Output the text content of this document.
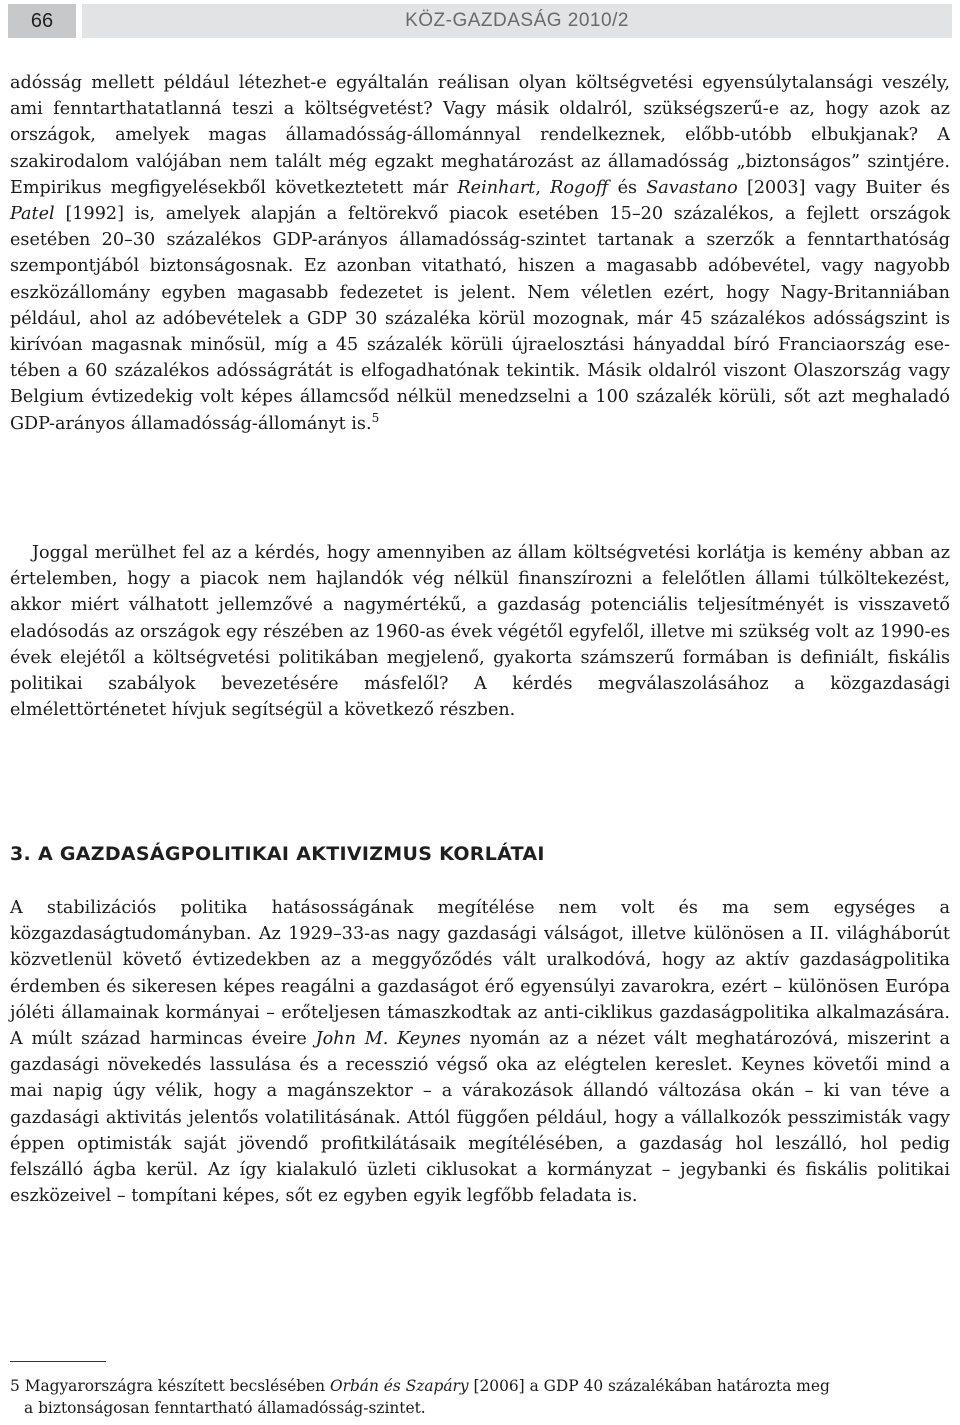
66	KÖZ-GAZDASÁG 2010/2
adósság mellett például létezhet-e egyáltalán reálisan olyan költségvetési egyensúlytalansági veszély, ami fenntarthatatlanná teszi a költségvetést? Vagy másik oldalról, szükségszerű-e az, hogy azok az országok, amelyek magas államadósság-állománnyal rendelkeznek, előbb-utóbb elbukjanak? A szakirodalom valójában nem talált még egzakt meghatározást az államadósság „biztonságos” szintjére. Empirikus megfigyelésekből következtetett már Reinhart, Rogoff és Savastano [2003] vagy Buiter és Patel [1992] is, amelyek alapján a feltörekvő piacok esetében 15–20 százalékos, a fejlett országok esetében 20–30 százalékos GDP-arányos államadósság-szintet tartanak a szerzők a fenntarthatóság szempontjából biztonságosnak. Ez azonban vitatható, hiszen a magasabb adóbevétel, vagy nagyobb eszközállomány egyben magasabb fedezetet is jelent. Nem véletlen ezért, hogy Nagy-Britanniában például, ahol az adóbevételek a GDP 30 százaléka körül mozognak, már 45 százalékos adósságszint is kirívóan magasnak minősül, míg a 45 százalék körüli újraelosztási hányaddal bíró Franciaország esetében a 60 százalékos adósságrátát is elfogadhatónak tekintik. Másik oldalról viszont Olaszország vagy Belgium évtizedekig volt képes államcsőd nélkül menedzselni a 100 százalék körüli, sőt azt meghaladó GDP-arányos államadósság-állományt is.$^5$
Joggal merülhet fel az a kérdés, hogy amennyiben az állam költségvetési korlátja is kemény abban az értelemben, hogy a piacok nem hajlandók vég nélkül finanszírozni a felelőtlen állami túlköltekezést, akkor miért válhatott jellemzővé a nagymértékű, a gazdaság potenciális teljesítményét is visszavető eladósodás az országok egy részében az 1960-as évek végétől egyfelől, illetve mi szükség volt az 1990-es évek elejétől a költségvetési politikában megjelenő, gyakorta számszerű formában is definiált, fiskális politikai szabályok bevezetésére másfelől? A kérdés megválaszolásához a közgazdasági elmélettörténetet hívjuk segítségül a következő részben.
3. A GAZDASÁGPOLITIKAI AKTIVIZMUS KORLÁTAI
A stabilizációs politika hatásosságának megítélése nem volt és ma sem egységes a közgazdaságtudományban. Az 1929–33-as nagy gazdasági válságot, illetve különösen a II. világháborút közvetlenül követő évtizedekben az a meggyőződés vált uralkodóvá, hogy az aktív gazdaságpolitika érdemben és sikeresen képes reagálni a gazdaságot érő egyensúlyi zavarokra, ezért – különösen Európa jóléti államainak kormányai – erőteljesen támaszkodtak az anti-ciklikus gazdaságpolitika alkalmazására. A múlt század harmincas éveire John M. Keynes nyomán az a nézet vált meghatározóvá, miszerint a gazdasági növekedés lassulása és a recesszió végső oka az elégtelen kereslet. Keynes követői mind a mai napig úgy vélik, hogy a magánszektor – a várakozások állandó változása okán – ki van téve a gazdasági aktivitás jelentős volatilitásának. Attól függően például, hogy a vállalkozók pesszimisták vagy éppen optimisták saját jövendő profitkilátásaik megítélésében, a gazdaság hol leszálló, hol pedig felszálló ágba kerül. Az így kialakuló üzleti ciklusokat a kormányzat – jegybanki és fiskális politikai eszközeivel – tompítani képes, sőt ez egyben egyik legfőbb feladata is.
5 Magyarországra készített becslésében Orbán és Szapáry [2006] a GDP 40 százalékában határozta meg
a biztonságosan fenntartható államadósság-szintet.
